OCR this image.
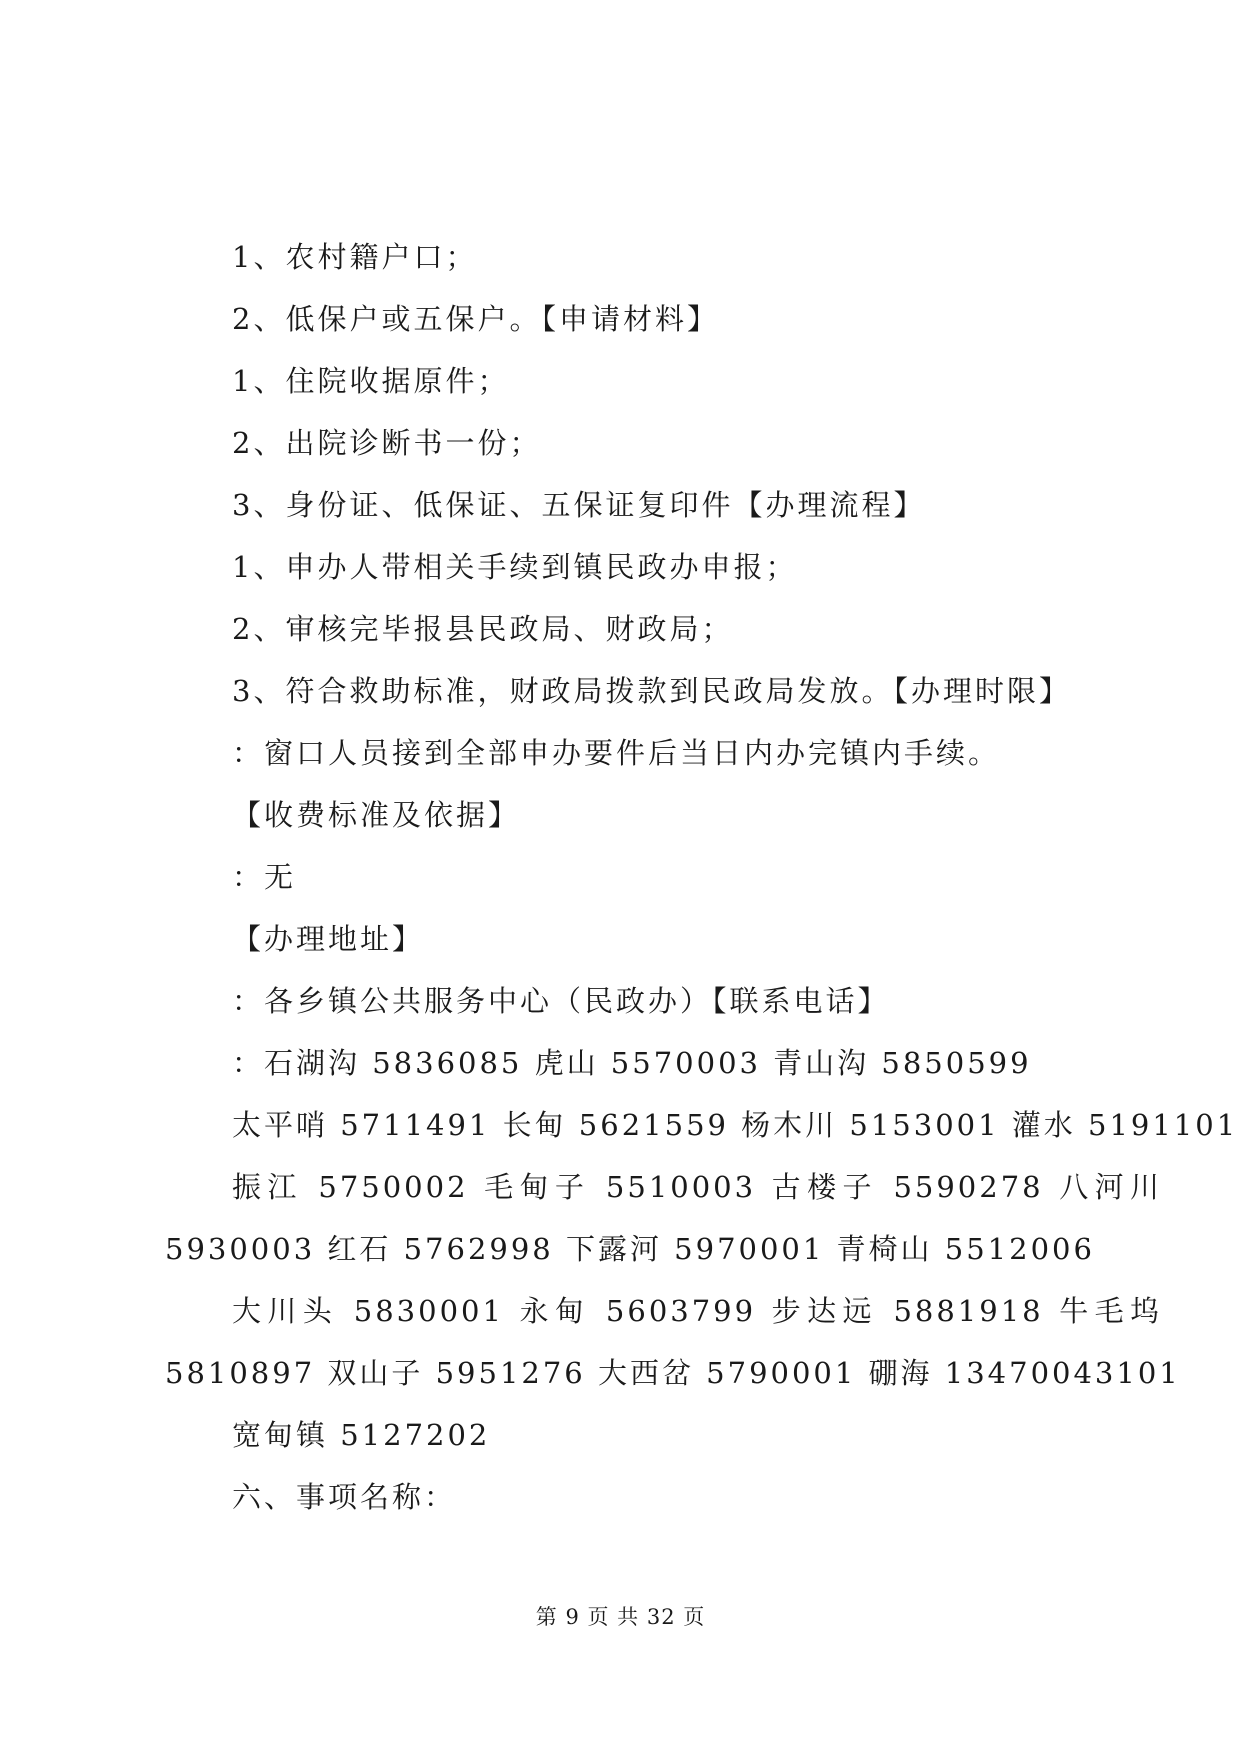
1、农村籍户口；
2、低保户或五保户。【申请材料】
1、住院收据原件；
2、出院诊断书一份；
3、身份证、低保证、五保证复印件【办理流程】
1、申办人带相关手续到镇民政办申报；
2、审核完毕报县民政局、财政局；
3、符合救助标准，财政局拨款到民政局发放。【办理时限】
：窗口人员接到全部申办要件后当日内办完镇内手续。
【收费标准及依据】
：无
【办理地址】
：各乡镇公共服务中心（民政办）【联系电话】
：石湖沟 5836085 虎山 5570003 青山沟 5850599
太平哨 5711491 长甸 5621559 杨木川 5153001 灌水 5191101
振江 5750002 毛甸子 5510003 古楼子 5590278 八河川
5930003 红石 5762998 下露河 5970001 青椅山 5512006
大川头 5830001 永甸 5603799 步达远 5881918 牛毛坞
5810897 双山子 5951276 大西岔 5790001 硼海 13470043101
宽甸镇 5127202
六、事项名称：
第 9 页 共 32 页
